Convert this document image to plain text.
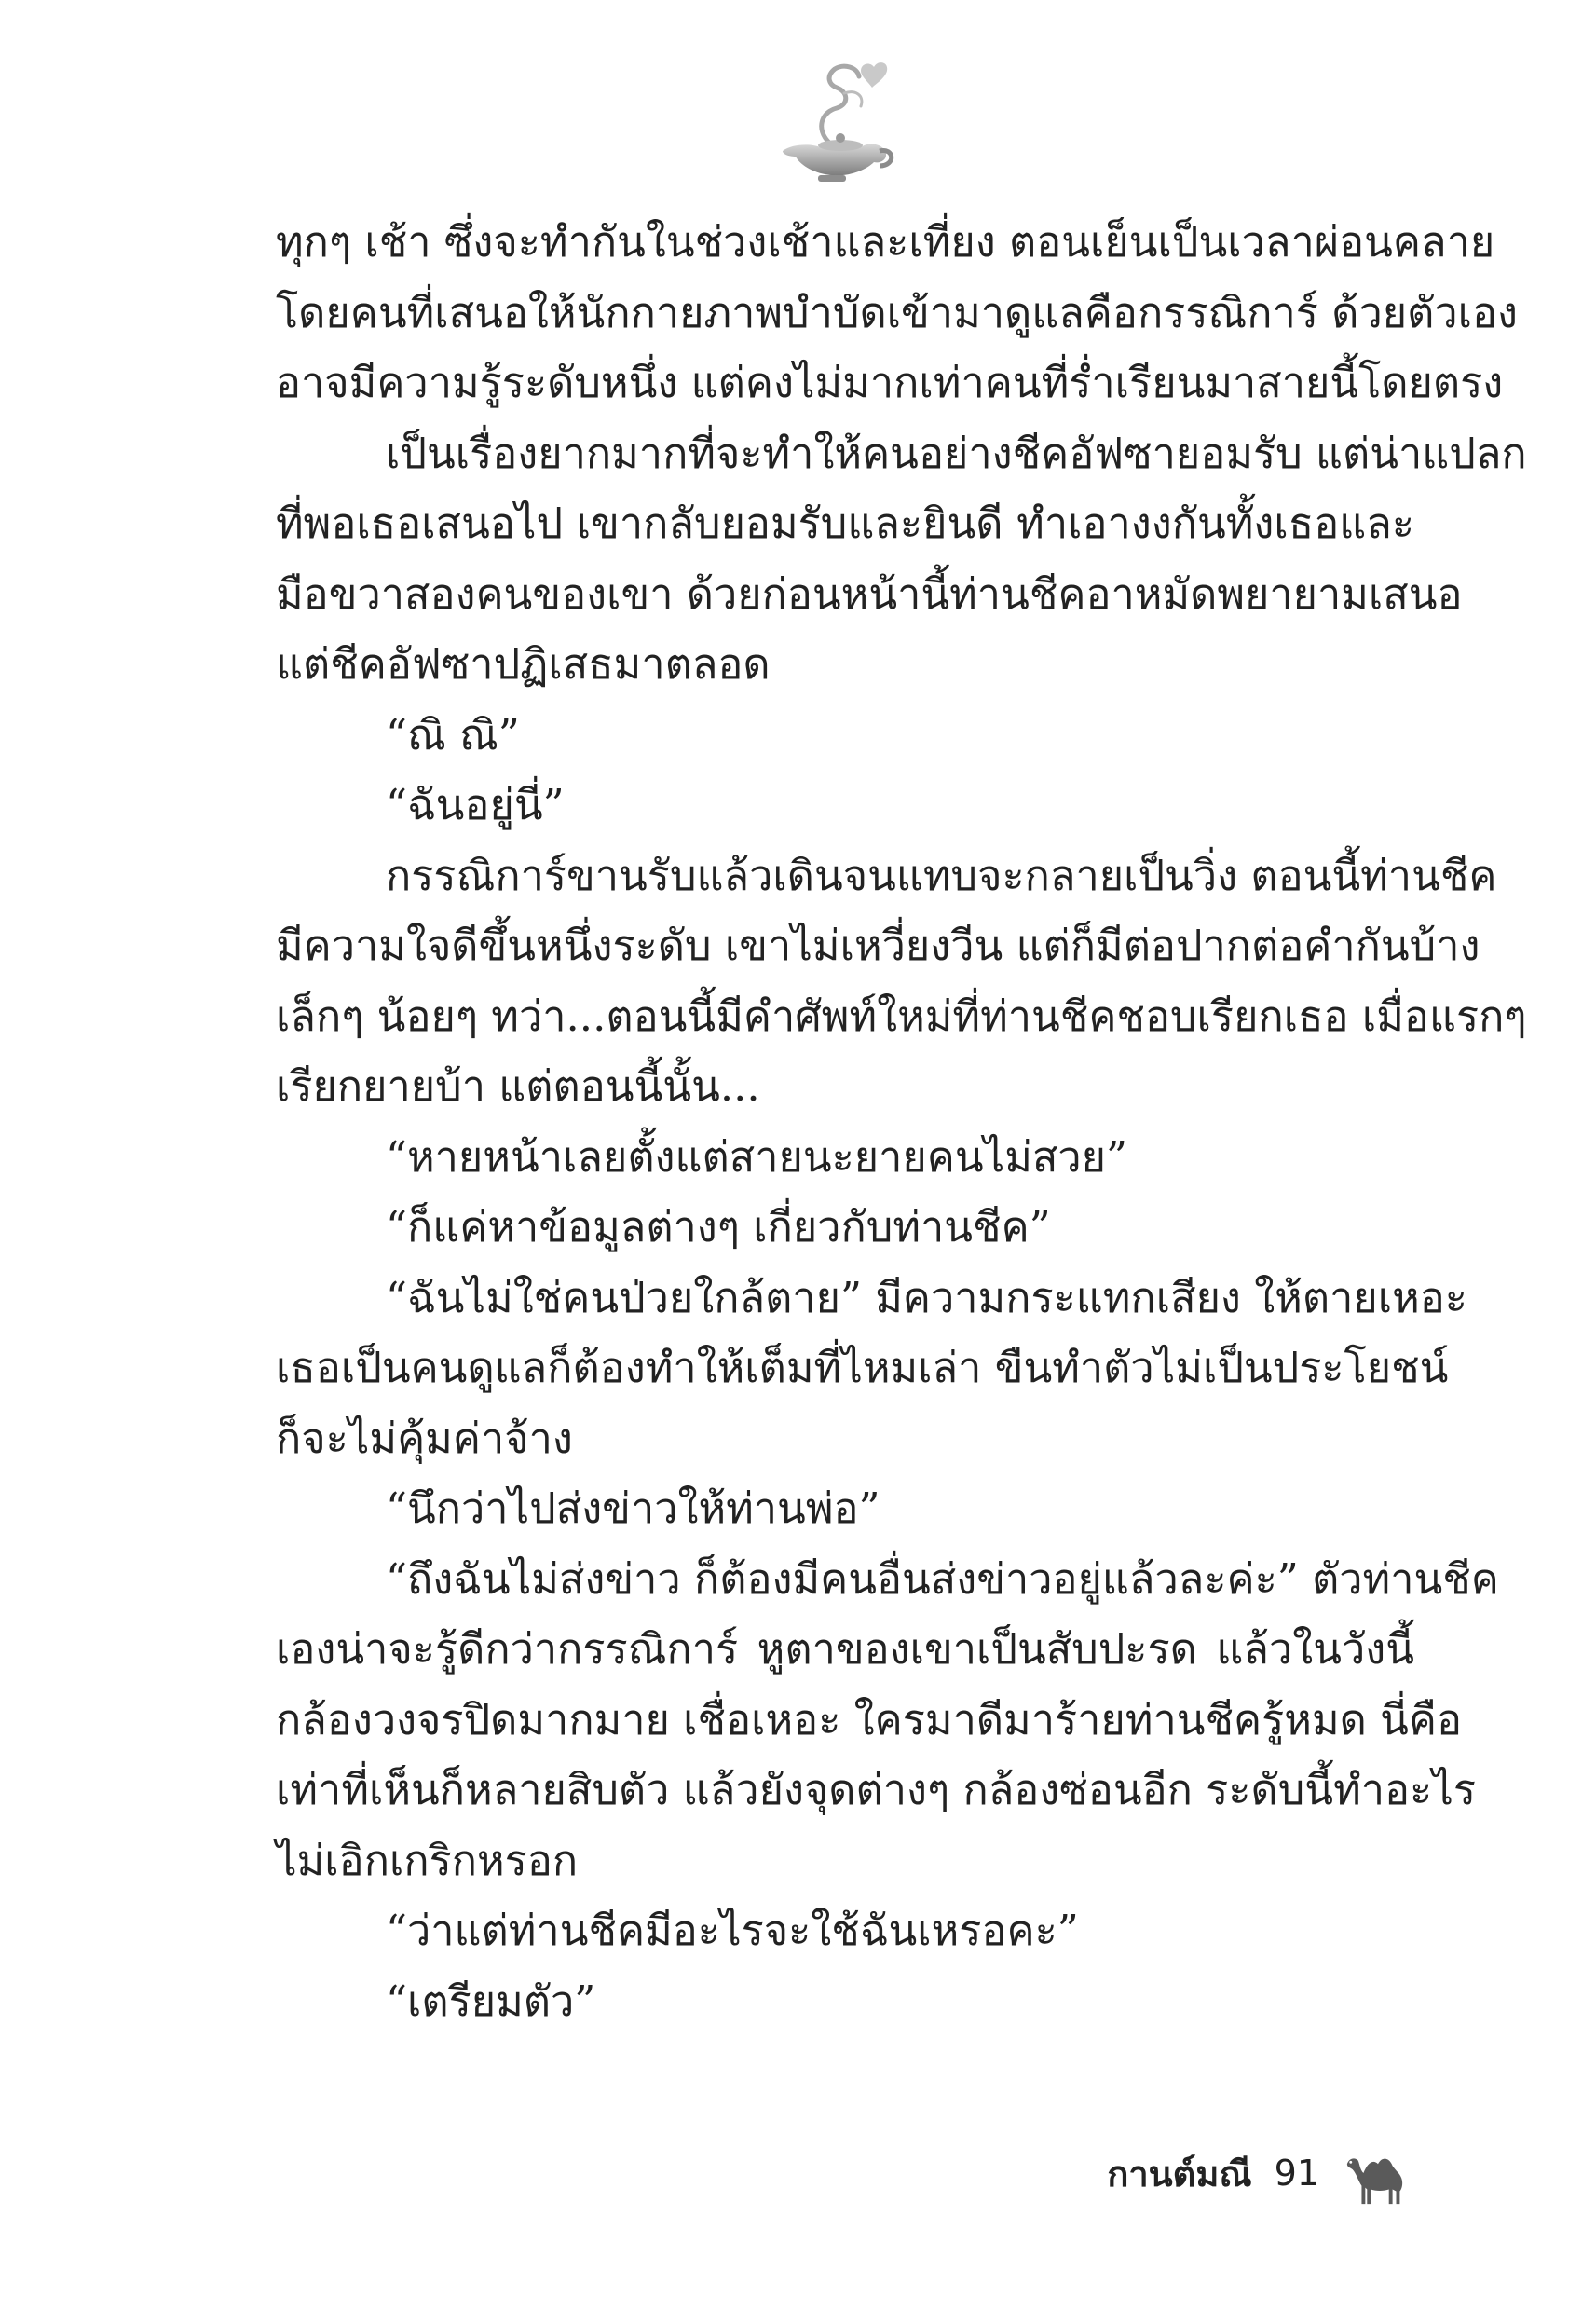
ทุกๆ เช้า ซึ่งจะทำกันในช่วงเช้าและเที่ยง ตอนเย็นเป็นเวลาผ่อนคลาย
โดยคนที่เสนอให้นักกายภาพบำบัดเข้ามาดูแลคือกรรณิการ์ ด้วยตัวเอง
อาจมีความรู้ระดับหนึ่ง แต่คงไม่มากเท่าคนที่ร่ำเรียนมาสายนี้โดยตรง
เป็นเรื่องยากมากที่จะทำให้คนอย่างชีคอัฟซายอมรับ แต่น่าแปลก
ที่พอเธอเสนอไป เขากลับยอมรับและยินดี ทำเอางงกันทั้งเธอและ
มือขวาสองคนของเขา ด้วยก่อนหน้านี้ท่านชีคอาหมัดพยายามเสนอ
แต่ชีคอัฟซาปฏิเสธมาตลอด
“ณิ ณิ”
“ฉันอยู่นี่”
กรรณิการ์ขานรับแล้วเดินจนแทบจะกลายเป็นวิ่ง ตอนนี้ท่านชีค
มีความใจดีขึ้นหนึ่งระดับ เขาไม่เหวี่ยงวีน แต่ก็มีต่อปากต่อคำกันบ้าง
เล็กๆ น้อยๆ ทว่า...ตอนนี้มีคำศัพท์ใหม่ที่ท่านชีคชอบเรียกเธอ เมื่อแรกๆ
เรียกยายบ้า แต่ตอนนี้นั้น...
“หายหน้าเลยตั้งแต่สายนะยายคนไม่สวย”
“ก็แค่หาข้อมูลต่างๆ เกี่ยวกับท่านชีค”
“ฉันไม่ใช่คนป่วยใกล้ตาย” มีความกระแทกเสียง ให้ตายเหอะ
เธอเป็นคนดูแลก็ต้องทำให้เต็มที่ไหมเล่า ขืนทำตัวไม่เป็นประโยชน์
ก็จะไม่คุ้มค่าจ้าง
“นึกว่าไปส่งข่าวให้ท่านพ่อ”
“ถึงฉันไม่ส่งข่าว ก็ต้องมีคนอื่นส่งข่าวอยู่แล้วละค่ะ” ตัวท่านชีค
เองน่าจะรู้ดีกว่ากรรณิการ์ หูตาของเขาเป็นสับปะรด แล้วในวังนี้
กล้องวงจรปิดมากมาย เชื่อเหอะ ใครมาดีมาร้ายท่านชีครู้หมด นี่คือ
เท่าที่เห็นก็หลายสิบตัว แล้วยังจุดต่างๆ กล้องซ่อนอีก ระดับนี้ทำอะไร
ไม่เอิกเกริกหรอก
“ว่าแต่ท่านชีคมีอะไรจะใช้ฉันเหรอคะ”
“เตรียมตัว”
กานต์มณี 91
